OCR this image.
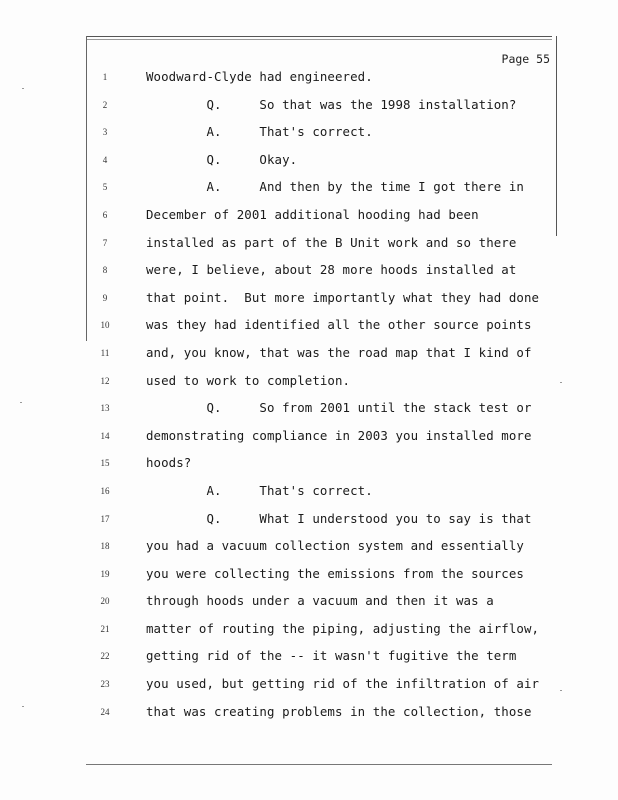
Page 55
1	Woodward-Clyde had engineered.
2	Q.     So that was the 1998 installation?
3	A.     That's correct.
4	Q.     Okay.
5	A.     And then by the time I got there in
6	December of 2001 additional hooding had been
7	installed as part of the B Unit work and so there
8	were, I believe, about 28 more hoods installed at
9	that point.  But more importantly what they had done
10	was they had identified all the other source points
11	and, you know, that was the road map that I kind of
12	used to work to completion.
13	Q.     So from 2001 until the stack test or
14	demonstrating compliance in 2003 you installed more
15	hoods?
16	A.     That's correct.
17	Q.     What I understood you to say is that
18	you had a vacuum collection system and essentially
19	you were collecting the emissions from the sources
20	through hoods under a vacuum and then it was a
21	matter of routing the piping, adjusting the airflow,
22	getting rid of the -- it wasn't fugitive the term
23	you used, but getting rid of the infiltration of air
24	that was creating problems in the collection, those
